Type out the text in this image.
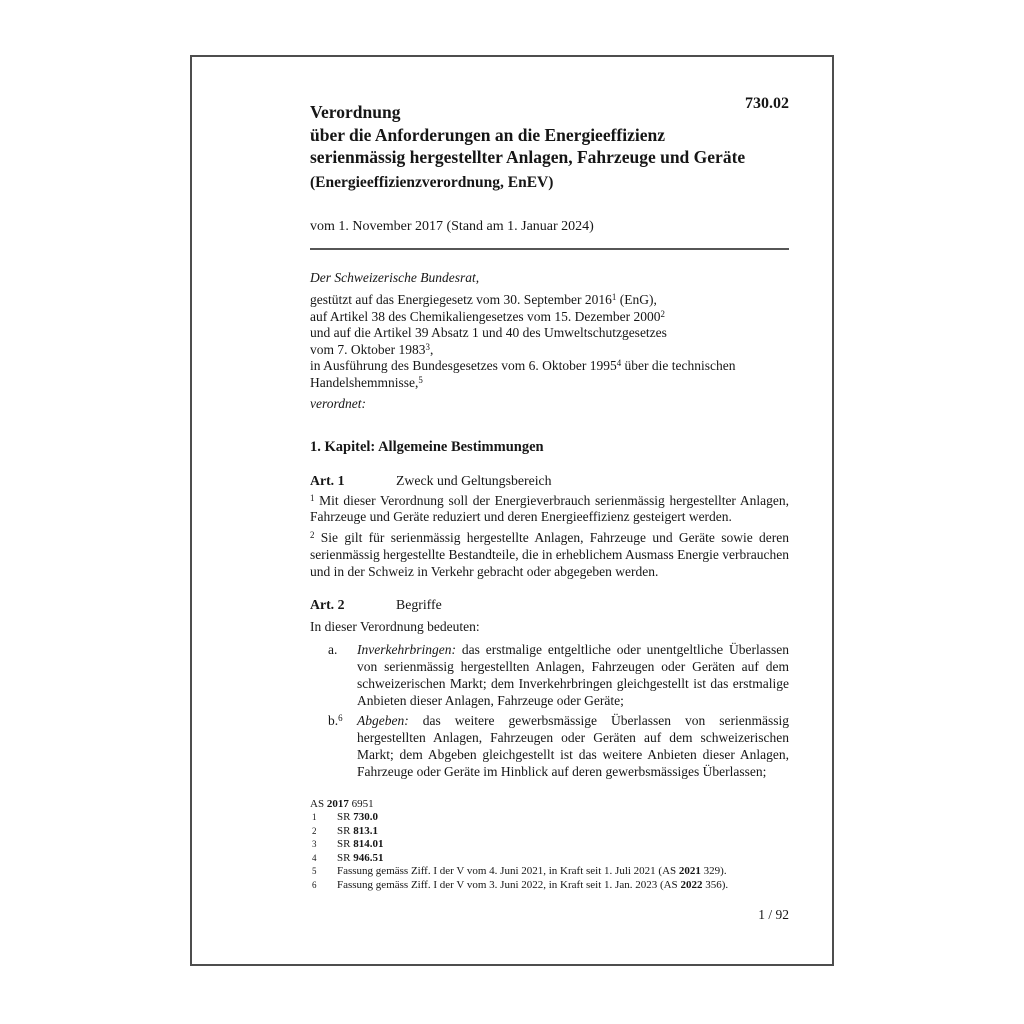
730.02
Verordnung
über die Anforderungen an die Energieeffizienz
serienmässig hergestellter Anlagen, Fahrzeuge und Geräte
(Energieeffizienzverordnung, EnEV)
vom 1. November 2017 (Stand am 1. Januar 2024)
Der Schweizerische Bundesrat,
gestützt auf das Energiegesetz vom 30. September 2016$^1$ (EnG),
auf Artikel 38 des Chemikaliengesetzes vom 15. Dezember 2000$^2$
und auf die Artikel 39 Absatz 1 und 40 des Umweltschutzgesetzes
vom 7. Oktober 1983$^3$,
in Ausführung des Bundesgesetzes vom 6. Oktober 1995$^4$ über die technischen Handelshemmnisse,$^5$
verordnet:
1. Kapitel: Allgemeine Bestimmungen
Art. 1	Zweck und Geltungsbereich

$^1$ Mit dieser Verordnung soll der Energieverbrauch serienmässig hergestellter Anlagen, Fahrzeuge und Geräte reduziert und deren Energieeffizienz gesteigert werden.

$^2$ Sie gilt für serienmässig hergestellte Anlagen, Fahrzeuge und Geräte sowie deren serienmässig hergestellte Bestandteile, die in erheblichem Ausmass Energie verbrauchen und in der Schweiz in Verkehr gebracht oder abgegeben werden.

Art. 2	Begriffe

In dieser Verordnung bedeuten:

a.	Inverkehrbringen: das erstmalige entgeltliche oder unentgeltliche Überlassen von serienmässig hergestellten Anlagen, Fahrzeugen oder Geräten auf dem schweizerischen Markt; dem Inverkehrbringen gleichgestellt ist das erstmalige Anbieten dieser Anlagen, Fahrzeuge oder Geräte;
b.$^6$	Abgeben: das weitere gewerbsmässige Überlassen von serienmässig hergestellten Anlagen, Fahrzeugen oder Geräten auf dem schweizerischen Markt; dem Abgeben gleichgestellt ist das weitere Anbieten dieser Anlagen, Fahrzeuge oder Geräte im Hinblick auf deren gewerbsmässiges Überlassen;
AS 2017 6951
1	SR 730.0
2	SR 813.1
3	SR 814.01
4	SR 946.51
5	Fassung gemäss Ziff. I der V vom 4. Juni 2021, in Kraft seit 1. Juli 2021 (AS 2021 329).
6	Fassung gemäss Ziff. I der V vom 3. Juni 2022, in Kraft seit 1. Jan. 2023 (AS 2022 356).
1 / 92
